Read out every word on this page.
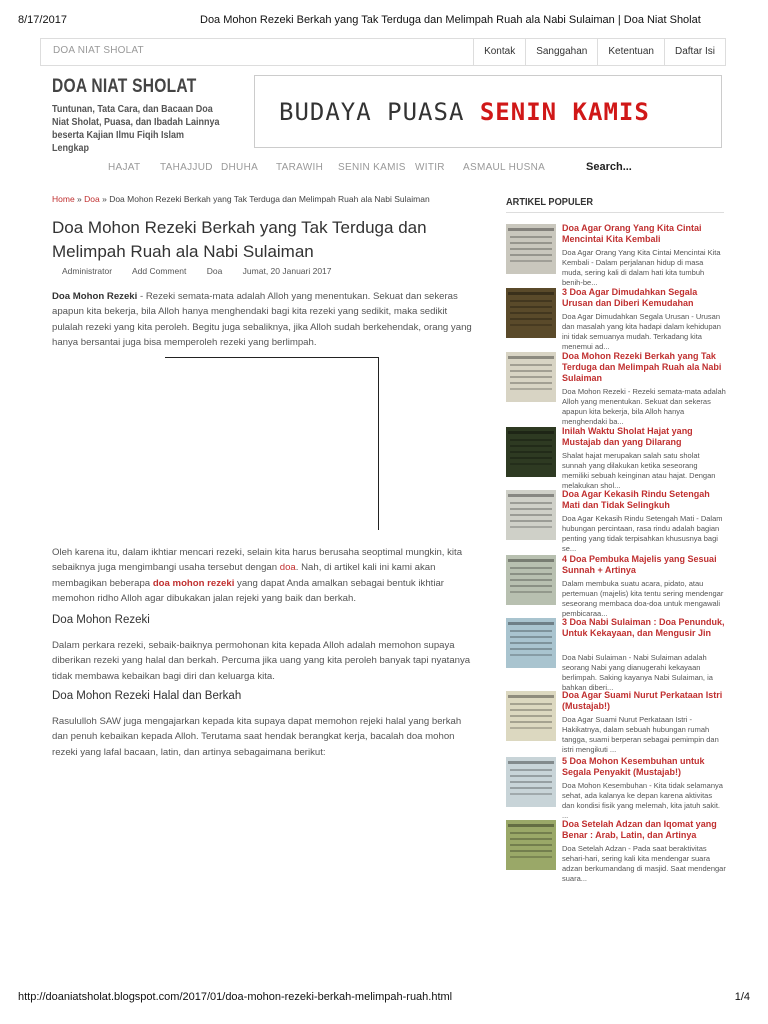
8/17/2017	Doa Mohon Rezeki Berkah yang Tak Terduga dan Melimpah Ruah ala Nabi Sulaiman | Doa Niat Sholat
DOA NIAT SHOLAT	Kontak	Sanggahan	Ketentuan	Daftar Isi
DOA NIAT SHOLAT
Tuntunan, Tata Cara, dan Bacaan Doa Niat Sholat, Puasa, dan Ibadah Lainnya beserta Kajian Ilmu Fiqih Islam Lengkap
BUDAYA PUASA SENIN KAMIS
HAJAT TAHAJJUD DHUHA TARAWIH SENIN KAMIS WITIR ASMAUL HUSNA	Search...
Home » Doa » Doa Mohon Rezeki Berkah yang Tak Terduga dan Melimpah Ruah ala Nabi Sulaiman
Doa Mohon Rezeki Berkah yang Tak Terduga dan Melimpah Ruah ala Nabi Sulaiman
Administrator Add Comment Doa Jumat, 20 Januari 2017
Doa Mohon Rezeki - Rezeki semata-mata adalah Alloh yang menentukan. Sekuat dan sekeras apapun kita bekerja, bila Alloh hanya menghendaki bagi kita rezeki yang sedikit, maka sedikit pulalah rezeki yang kita peroleh. Begitu juga sebaliknya, jika Alloh sudah berkehendak, orang yang hanya bersantai juga bisa memperoleh rezeki yang berlimpah.
Oleh karena itu, dalam ikhtiar mencari rezeki, selain kita harus berusaha seoptimal mungkin, kita sebaiknya juga mengimbangi usaha tersebut dengan doa. Nah, di artikel kali ini kami akan membagikan beberapa doa mohon rezeki yang dapat Anda amalkan sebagai bentuk ikhtiar memohon ridho Alloh agar dibukakan jalan rejeki yang baik dan berkah.
Doa Mohon Rezeki
Dalam perkara rezeki, sebaik-baiknya permohonan kita kepada Alloh adalah memohon supaya diberikan rezeki yang halal dan berkah. Percuma jika uang yang kita peroleh banyak tapi nyatanya tidak membawa kebaikan bagi diri dan keluarga kita.
Doa Mohon Rezeki Halal dan Berkah
Rasululloh SAW juga mengajarkan kepada kita supaya dapat memohon rejeki halal yang berkah dan penuh kebaikan kepada Alloh. Terutama saat hendak berangkat kerja, bacalah doa mohon rezeki yang lafal bacaan, latin, dan artinya sebagaimana berikut:
ARTIKEL POPULER
Doa Agar Orang Yang Kita Cintai Mencintai Kita Kembali
Doa Agar Orang Yang Kita Cintai Mencintai Kita Kembali - Dalam perjalanan hidup di masa muda, sering kali di dalam hati kita tumbuh benih-be...
3 Doa Agar Dimudahkan Segala Urusan dan Diberi Kemudahan
Doa Agar Dimudahkan Segala Urusan - Urusan dan masalah yang kita hadapi dalam kehidupan ini tidak semuanya mudah. Terkadang kita menemui ad...
Doa Mohon Rezeki Berkah yang Tak Terduga dan Melimpah Ruah ala Nabi Sulaiman
Doa Mohon Rezeki - Rezeki semata-mata adalah Alloh yang menentukan. Sekuat dan sekeras apapun kita bekerja, bila Alloh hanya menghendaki ba...
Inilah Waktu Sholat Hajat yang Mustajab dan yang Dilarang
Shalat hajat merupakan salah satu sholat sunnah yang dilakukan ketika seseorang memiliki sebuah keinginan atau hajat. Dengan melakukan shol...
Doa Agar Kekasih Rindu Setengah Mati dan Tidak Selingkuh
Doa Agar Kekasih Rindu Setengah Mati - Dalam hubungan percintaan, rasa rindu adalah bagian penting yang tidak terpisahkan khususnya bagi se...
4 Doa Pembuka Majelis yang Sesuai Sunnah + Artinya
Dalam membuka suatu acara, pidato, atau pertemuan (majelis) kita tentu sering mendengar seseorang membaca doa-doa untuk mengawali pembicaraa...
3 Doa Nabi Sulaiman : Doa Penunduk, Untuk Kekayaan, dan Mengusir Jin
Doa Nabi Sulaiman - Nabi Sulaiman adalah seorang Nabi yang dianugerahi kekayaan berlimpah. Saking kayanya Nabi Sulaiman, ia bahkan diberi...
Doa Agar Suami Nurut Perkataan Istri (Mustajab!)
Doa Agar Suami Nurut Perkataan Istri - Hakikatnya, dalam sebuah hubungan rumah tangga, suami berperan sebagai pemimpin dan istri mengikuti ...
5 Doa Mohon Kesembuhan untuk Segala Penyakit (Mustajab!)
Doa Mohon Kesembuhan - Kita tidak selamanya sehat, ada kalanya ke depan karena aktivitas dan kondisi fisik yang melemah, kita jatuh sakit. ...
Doa Setelah Adzan dan Iqomat yang Benar : Arab, Latin, dan Artinya
Doa Setelah Adzan - Pada saat beraktivitas sehari-hari, sering kali kita mendengar suara adzan berkumandang di masjid. Saat mendengar suara...
http://doaniatsholat.blogspot.com/2017/01/doa-mohon-rezeki-berkah-melimpah-ruah.html	1/4
